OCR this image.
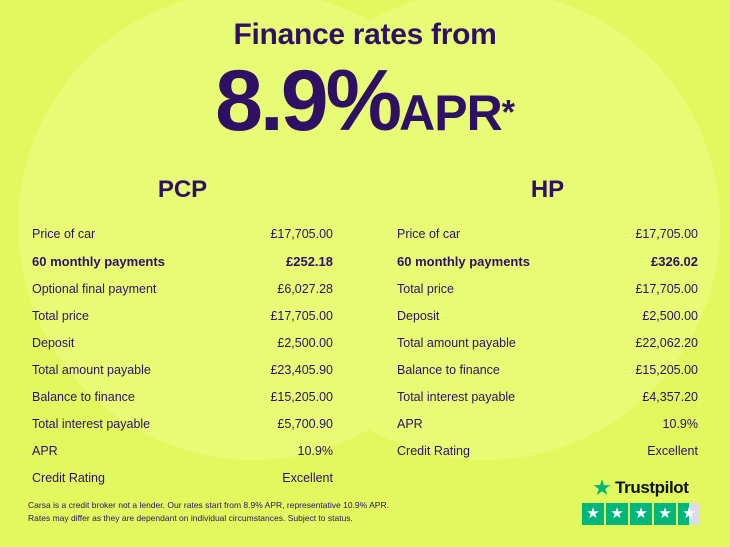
Finance rates from
8.9%APR*
PCP
Price of car	£17,705.00
60 monthly payments	£252.18
Optional final payment	£6,027.28
Total price	£17,705.00
Deposit	£2,500.00
Total amount payable	£23,405.90
Balance to finance	£15,205.00
Total interest payable	£5,700.90
APR	10.9%
Credit Rating	Excellent
HP
Price of car	£17,705.00
60 monthly payments	£326.02
Total price	£17,705.00
Deposit	£2,500.00
Total amount payable	£22,062.20
Balance to finance	£15,205.00
Total interest payable	£4,357.20
APR	10.9%
Credit Rating	Excellent
Carsa is a credit broker not a lender. Our rates start from 8.9% APR, representative 10.9% APR.
Rates may differ as they are dependant on individual circumstances. Subject to status.
★ Trustpilot
★ ★ ★ ★ ★
